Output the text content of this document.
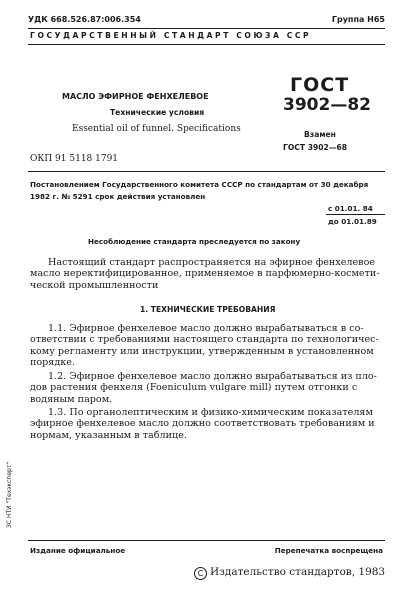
УДК 668.526.87:006.354	Группа Н65
ГОСУДАРСТВЕННЫЙ СТАНДАРТ СОЮЗА ССР
МАСЛО ЭФИРНОЕ ФЕНХЕЛЕВОЕ
Технические условия
Essential oil of funnel. Specifications
ОКП 91 5118 1791
ГОСТ
3902—82
Взамен
ГОСТ 3902—68
Постановлением Государственного комитета СССР по стандартам от 30 декабря
1982 г. № 5291 срок действия установлен
с 01.01. 84
до 01.01.89
Несоблюдение стандарта преследуется по закону
Настоящий стандарт распространяется на эфирное фенхелевое
масло неректифицированное, применяемое в парфюмерно-космети-
ческой промышленности
1. ТЕХНИЧЕСКИЕ ТРЕБОВАНИЯ
1.1. Эфирное фенхелевое масло должно вырабатываться в со-
ответствии с требованиями настоящего стандарта по технологичес-
кому регламенту или инструкции, утвержденным в установленном
порядке.
1.2. Эфирное фенхелевое масло должно вырабатываться из пло-
дов растения фенхеля (Foeniculum vulgare mill) путем отгонки с
водяным паром.
1.3. По органолептическим и физико-химическим показателям
эфирное фенхелевое масло должно соответствовать требованиям и
нормам, указанным в таблице.
ЗС НТИ "Техэксперт"
Издание официальное	Перепечатка воспрещена
С Издательство стандартов, 1983
